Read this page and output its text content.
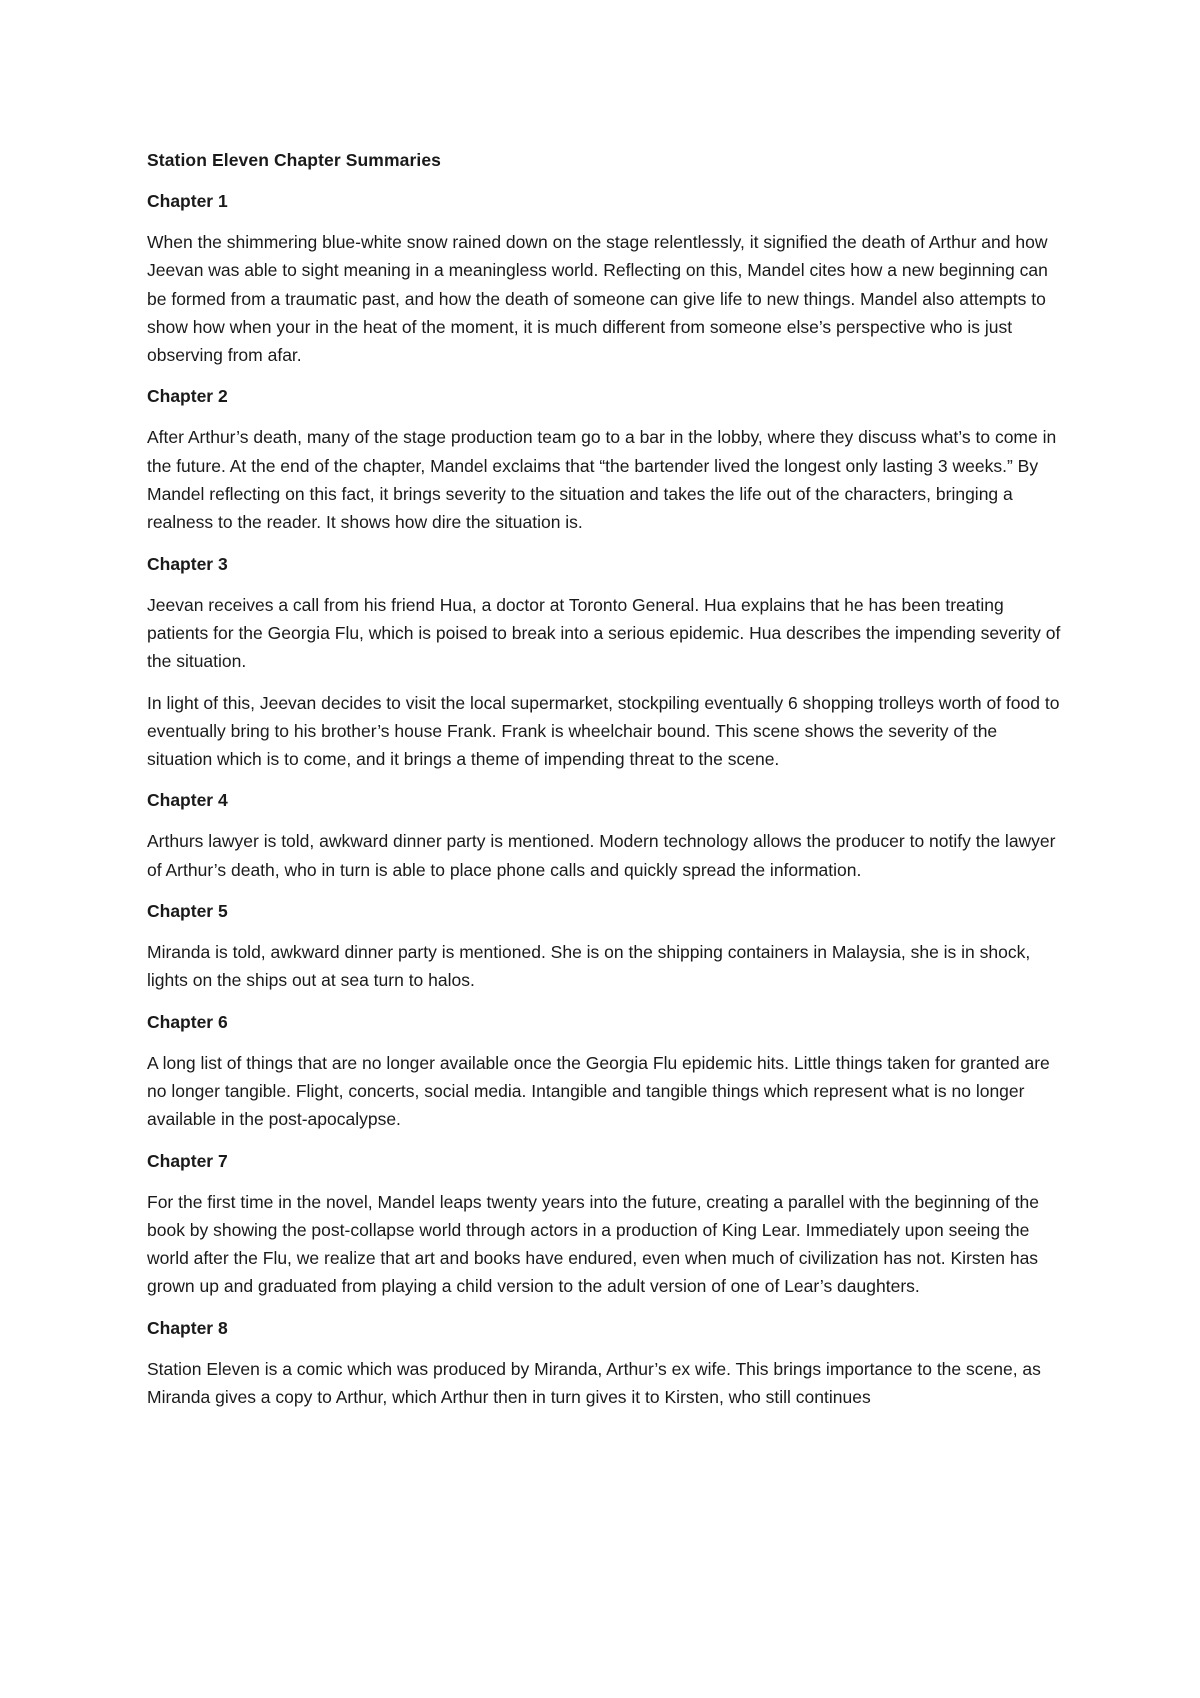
Station Eleven Chapter Summaries
Chapter 1

When the shimmering blue-white snow rained down on the stage relentlessly, it signified the death of Arthur and how Jeevan was able to sight meaning in a meaningless world. Reflecting on this, Mandel cites how a new beginning can be formed from a traumatic past, and how the death of someone can give life to new things. Mandel also attempts to show how when your in the heat of the moment, it is much different from someone else’s perspective who is just observing from afar.

Chapter 2

After Arthur’s death, many of the stage production team go to a bar in the lobby, where they discuss what’s to come in the future. At the end of the chapter, Mandel exclaims that “the bartender lived the longest only lasting 3 weeks.” By Mandel reflecting on this fact, it brings severity to the situation and takes the life out of the characters, bringing a realness to the reader. It shows how dire the situation is.

Chapter 3

Jeevan receives a call from his friend Hua, a doctor at Toronto General. Hua explains that he has been treating patients for the Georgia Flu, which is poised to break into a serious epidemic. Hua describes the impending severity of the situation.

In light of this, Jeevan decides to visit the local supermarket, stockpiling eventually 6 shopping trolleys worth of food to eventually bring to his brother’s house Frank. Frank is wheelchair bound. This scene shows the severity of the situation which is to come, and it brings a theme of impending threat to the scene.

Chapter 4

Arthurs lawyer is told, awkward dinner party is mentioned. Modern technology allows the producer to notify the lawyer of Arthur’s death, who in turn is able to place phone calls and quickly spread the information.

Chapter 5

Miranda is told, awkward dinner party is mentioned. She is on the shipping containers in Malaysia, she is in shock, lights on the ships out at sea turn to halos.

Chapter 6

A long list of things that are no longer available once the Georgia Flu epidemic hits. Little things taken for granted are no longer tangible. Flight, concerts, social media. Intangible and tangible things which represent what is no longer available in the post-apocalypse.

Chapter 7

For the first time in the novel, Mandel leaps twenty years into the future, creating a parallel with the beginning of the book by showing the post-collapse world through actors in a production of King Lear. Immediately upon seeing the world after the Flu, we realize that art and books have endured, even when much of civilization has not. Kirsten has grown up and graduated from playing a child version to the adult version of one of Lear’s daughters.

Chapter 8

Station Eleven is a comic which was produced by Miranda, Arthur’s ex wife. This brings importance to the scene, as Miranda gives a copy to Arthur, which Arthur then in turn gives it to Kirsten, who still continues
